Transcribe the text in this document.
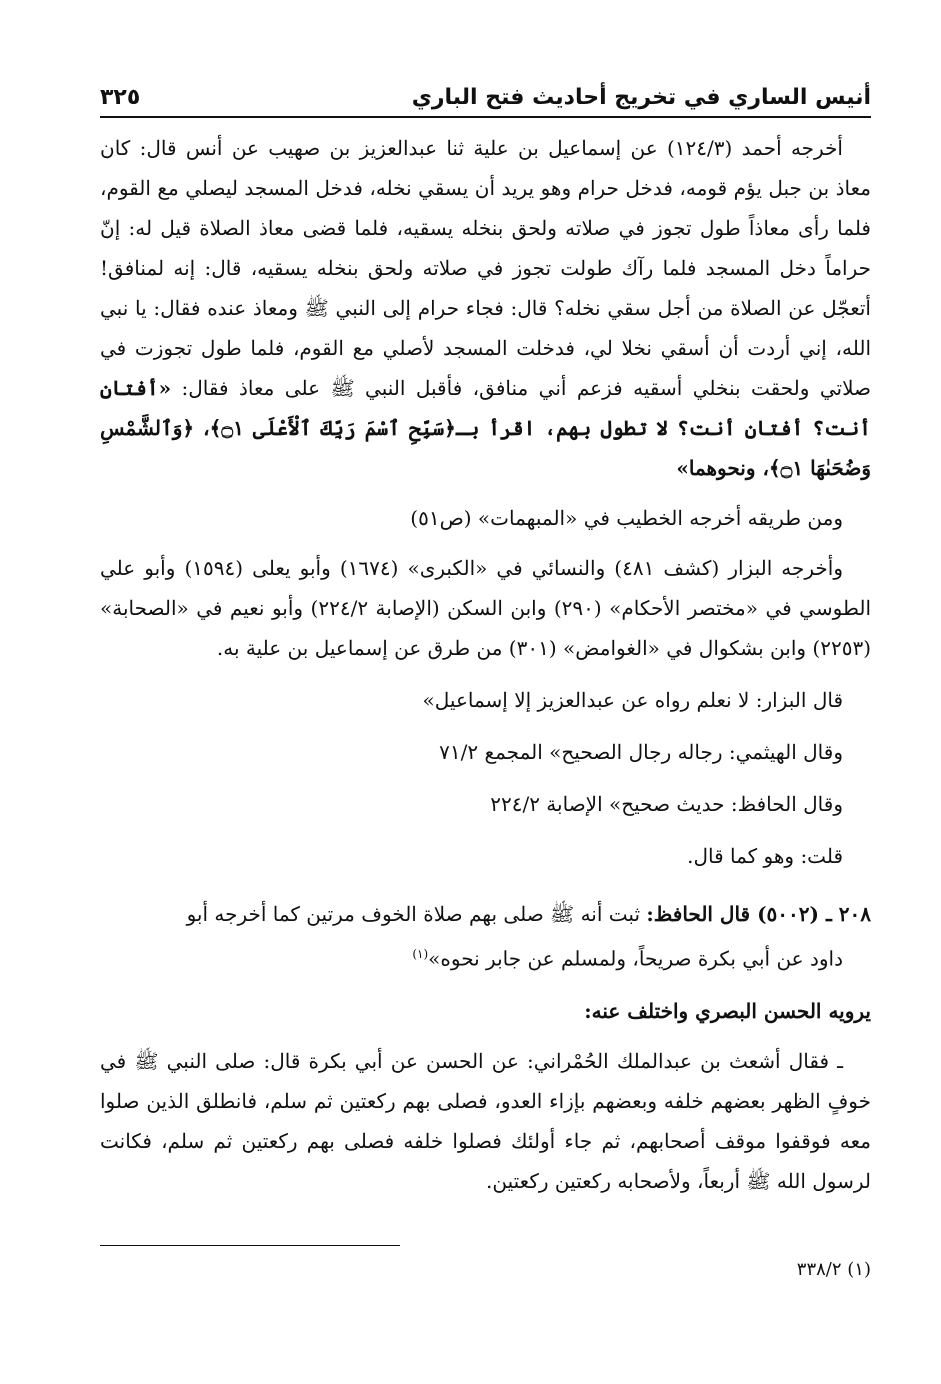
أنيس الساري في تخريج أحاديث فتح الباري
٣٢٥

أخرجه أحمد (١٢٤/٣) عن إسماعيل بن علية ثنا عبدالعزيز بن صهيب عن أنس قال: كان معاذ بن جبل يؤم قومه، فدخل حرام وهو يريد أن يسقي نخله، فدخل المسجد ليصلي مع القوم، فلما رأى معاذاً طول تجوز في صلاته ولحق بنخله يسقيه، فلما قضى معاذ الصلاة قيل له: إنّ حراماً دخل المسجد فلما رآك طولت تجوز في صلاته ولحق بنخله يسقيه، قال: إنه لمنافق! أتعجّل عن الصلاة من أجل سقي نخله؟ قال: فجاء حرام إلى النبي ﷺ ومعاذ عنده فقال: يا نبي الله، إني أردت أن أسقي نخلا لي، فدخلت المسجد لأصلي مع القوم، فلما طول تجوزت في صلاتي ولحقت بنخلي أسقيه فزعم أني منافق، فأقبل النبي ﷺ على معاذ فقال: «أفتان أنت؟ أفتان أنت؟ لا تطول بهم، اقرأ بـ﴿سَبِّحِ ٱسْمَ رَبِّكَ ٱلْأَعْلَى ۝١﴾، ﴿وَٱلشَّمْسِ وَضُحَىٰهَا ۝١﴾، ونحوهما»

ومن طريقه أخرجه الخطيب في «المبهمات» (ص٥١)

وأخرجه البزار (كشف ٤٨١) والنسائي في «الكبرى» (١٦٧٤) وأبو يعلى (١٥٩٤) وأبو علي الطوسي في «مختصر الأحكام» (٢٩٠) وابن السكن (الإصابة ٢٢٤/٢) وأبو نعيم في «الصحابة» (٢٢٥٣) وابن بشكوال في «الغوامض» (٣٠١) من طرق عن إسماعيل بن علية به.

قال البزار: لا نعلم رواه عن عبدالعزيز إلا إسماعيل»

وقال الهيثمي: رجاله رجال الصحيح» المجمع ٧١/٢

وقال الحافظ: حديث صحيح» الإصابة ٢٢٤/٢

قلت: وهو كما قال.

٢٠٨ ـ (٥٠٠٢) قال الحافظ: ثبت أنه ﷺ صلى بهم صلاة الخوف مرتين كما أخرجه أبو

داود عن أبي بكرة صريحاً، ولمسلم عن جابر نحوه»$^{(١)}$

يرويه الحسن البصري واختلف عنه:

ـ فقال أشعث بن عبدالملك الحُمْراني: عن الحسن عن أبي بكرة قال: صلى النبي ﷺ في خوفٍ الظهر بعضهم خلفه وبعضهم بإزاء العدو، فصلى بهم ركعتين ثم سلم، فانطلق الذين صلوا معه فوقفوا موقف أصحابهم، ثم جاء أولئك فصلوا خلفه فصلى بهم ركعتين ثم سلم، فكانت لرسول الله ﷺ أربعاً، ولأصحابه ركعتين ركعتين.

(١) ٣٣٨/٢
